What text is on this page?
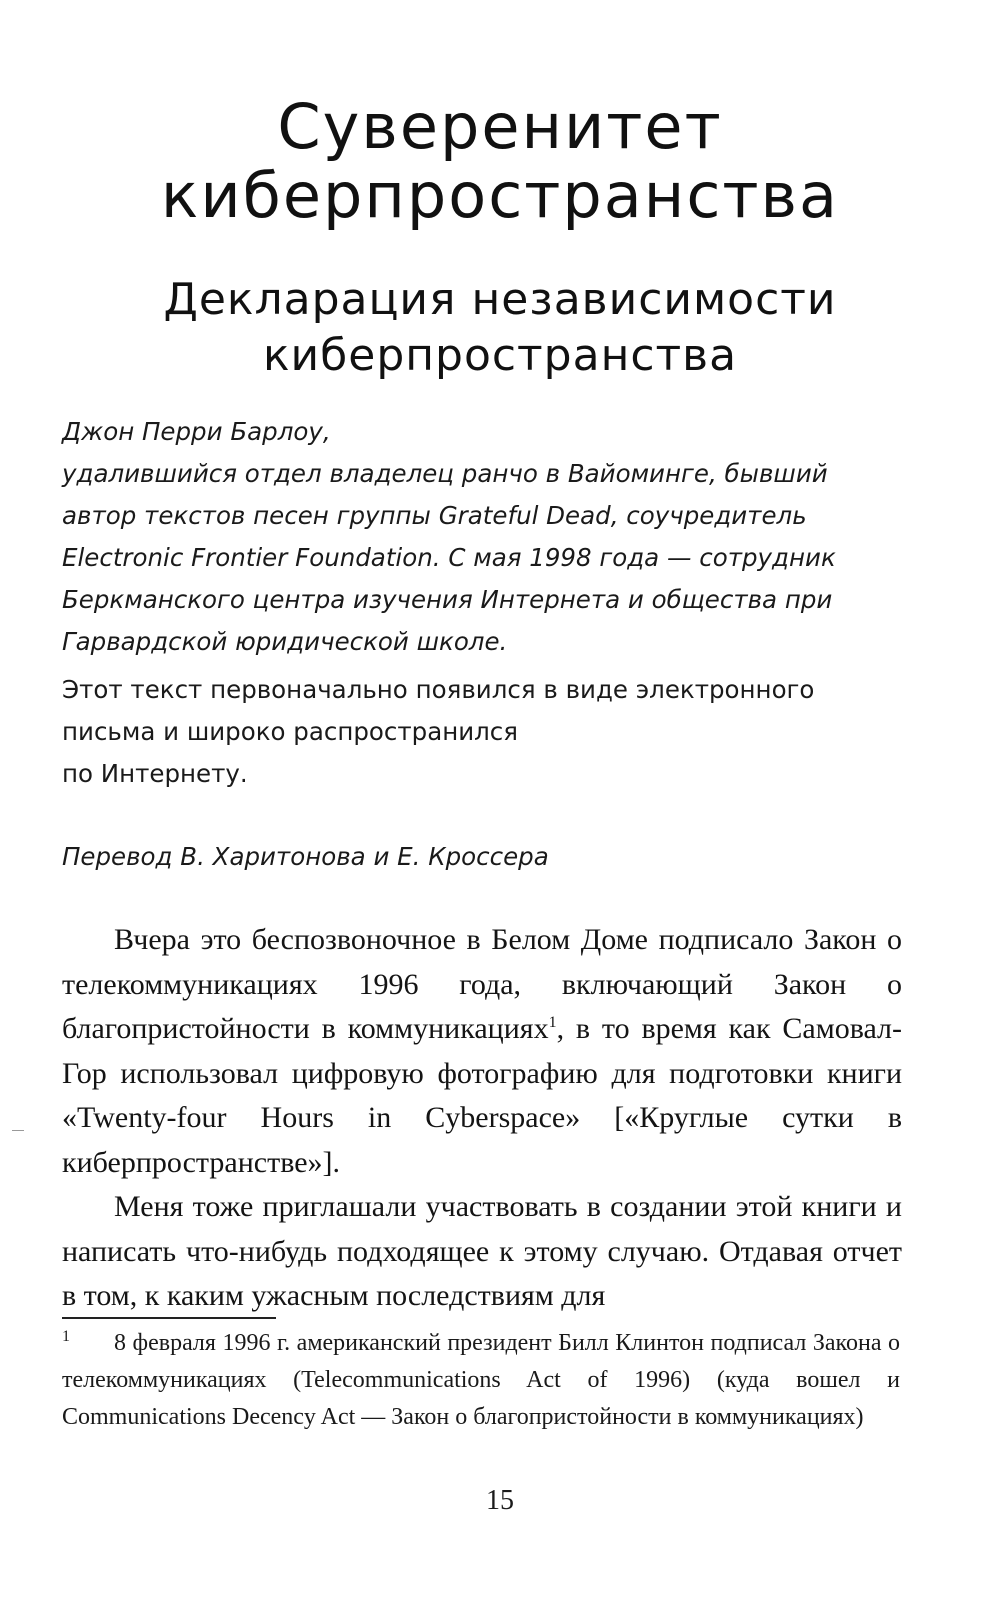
Суверенитет
киберпространства
Декларация независимости
киберпространства
Джон Перри Барлоу,
удалившийся отдел владелец ранчо в Вайоминге, бывший
автор текстов песен группы Grateful Dead, соучредитель
Electronic Frontier Foundation. С мая 1998 года — сотрудник
Беркманского центра изучения Интернета и общества при
Гарвардской юридической школе.
Этот текст первоначально появился в виде электронного
письма и широко распространился
по Интернету.
Перевод В. Харитонова и Е. Кроссера

Вчера это беспозвоночное в Белом Доме подписало Закон о телекоммуникациях 1996 года, включающий Закон о благопристойности в коммуникациях$^1$, в то время как Самовал-Гор использовал цифровую фотографию для подготовки книги «Twenty-four Hours in Cyberspace» [«Круглые сутки в киберпространстве»].

Меня тоже приглашали участвовать в создании этой книги и написать что-нибудь подходящее к этому случаю. Отдавая отчет в том, к каким ужасным последствиям для

1 8 февраля 1996 г. американский президент Билл Клинтон подписал Закона о телекоммуникациях (Telecommunications Act of 1996) (куда вошел и Communications Decency Act — Закон о благопристойности в коммуникациях)
15
